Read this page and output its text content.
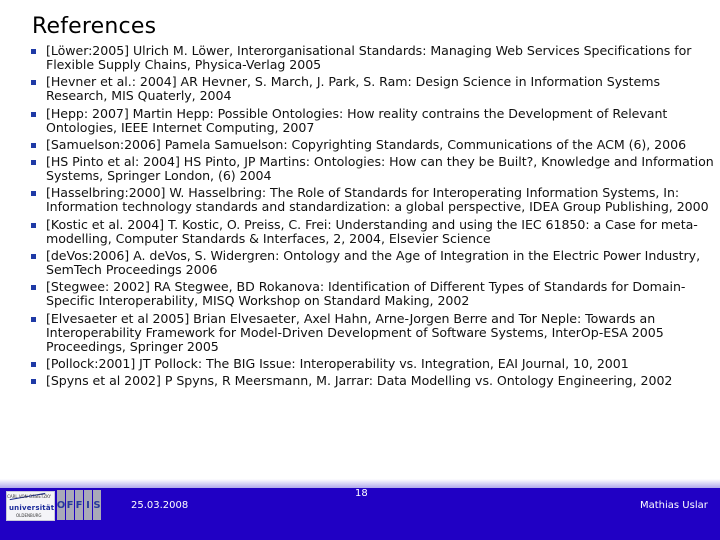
References
[Löwer:2005] Ulrich M. Löwer, Interorganisational Standards: Managing Web Services Specifications for Flexible Supply Chains, Physica-Verlag 2005
[Hevner et al.: 2004] AR Hevner, S. March, J. Park, S. Ram: Design Science in Information Systems Research, MIS Quaterly, 2004
[Hepp: 2007] Martin Hepp: Possible Ontologies: How reality contrains the Development of Relevant Ontologies, IEEE Internet Computing, 2007
[Samuelson:2006] Pamela Samuelson: Copyrighting Standards, Communications of the ACM (6), 2006
[HS Pinto et al: 2004] HS Pinto, JP Martins: Ontologies: How can they be Built?, Knowledge and Information Systems, Springer London, (6) 2004
[Hasselbring:2000] W. Hasselbring: The Role of Standards for Interoperating Information Systems, In: Information technology standards and standardization: a global perspective, IDEA Group Publishing, 2000
[Kostic et al. 2004] T. Kostic, O. Preiss, C. Frei: Understanding and using the IEC 61850: a Case for meta-modelling, Computer Standards & Interfaces, 2, 2004, Elsevier Science
[deVos:2006] A. deVos, S. Widergren: Ontology and the Age of Integration in the Electric Power Industry, SemTech Proceedings 2006
[Stegwee: 2002] RA Stegwee, BD Rokanova: Identification of Different Types of Standards for Domain-Specific Interoperability, MISQ Workshop on Standard Making, 2002
[Elvesaeter et al 2005] Brian Elvesaeter, Axel Hahn, Arne-Jorgen Berre and Tor Neple: Towards an Interoperability Framework for Model-Driven Development of Software Systems, InterOp-ESA 2005 Proceedings, Springer 2005
[Pollock:2001] JT Pollock: The BIG Issue: Interoperability vs. Integration, EAI Journal, 10, 2001
[Spyns et al 2002] P Spyns, R Meersmann, M. Jarrar: Data Modelling vs. Ontology Engineering, 2002
CARL VON OSSIETZKY
universität
OLDENBURG
O F F I S	25.03.2008
18
Mathias Uslar
